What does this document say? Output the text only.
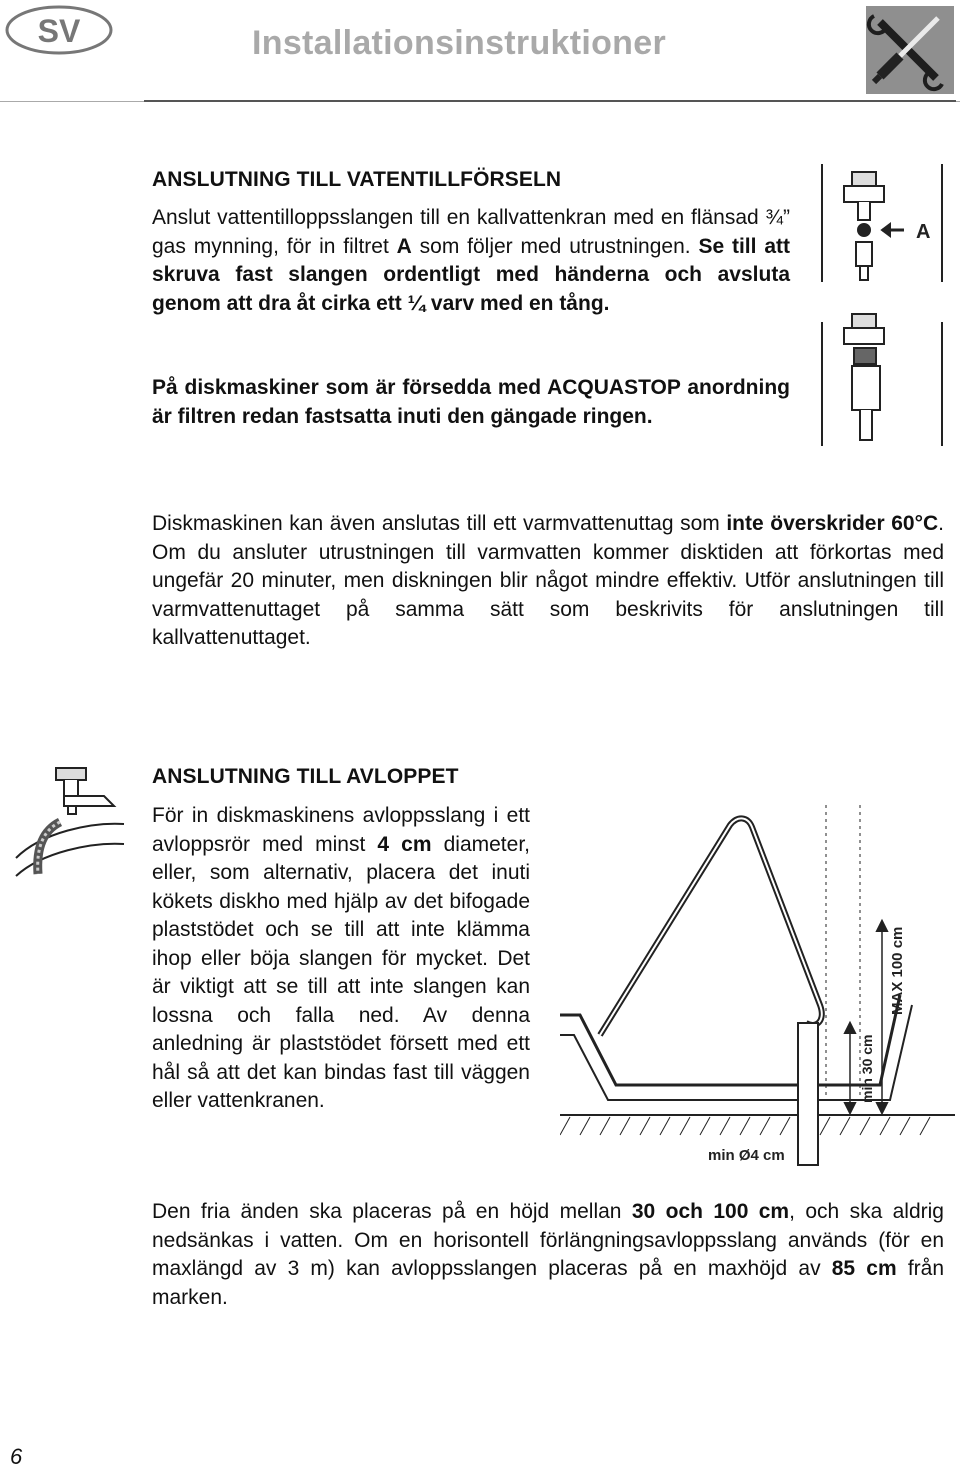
SV	Installationsinstruktioner
ANSLUTNING TILL VATENTILLFÖRSELN

Anslut vattentilloppsslangen till en kallvattenkran med en flänsad ¾” gas mynning, för in filtret A som följer med utrustningen. Se till att skruva fast slangen ordentligt med händerna och avsluta genom att dra åt cirka ett ¼ varv med en tång.

På diskmaskiner som är försedda med ACQUASTOP anordning är filtren redan fastsatta inuti den gängade ringen.

A

Diskmaskinen kan även anslutas till ett varmvattenuttag som inte överskrider 60°C. Om du ansluter utrustningen till varmvatten kommer disktiden att förkortas med ungefär 20 minuter, men diskningen blir något mindre effektiv. Utför anslutningen till varmvattenuttaget på samma sätt som beskrivits för anslutningen till kallvattenuttaget.

ANSLUTNING TILL AVLOPPET

För in diskmaskinens avloppsslang i ett avloppsrör med minst 4 cm diameter, eller, som alternativ, placera det inuti kökets diskho med hjälp av det bifogade plaststödet och se till att inte klämma ihop eller böja slangen för mycket. Det är viktigt att se till att inte slangen kan lossna och falla ned. Av denna anledning är plaststödet försett med ett hål så att det kan bindas fast till väggen eller vattenkranen.

MAX 100 cm
min 30 cm
min Ø4 cm

Den fria änden ska placeras på en höjd mellan 30 och 100 cm, och ska aldrig nedsänkas i vatten. Om en horisontell förlängningsavloppsslang används (för en maxlängd av 3 m) kan avloppsslangen placeras på en maxhöjd av 85 cm från marken.

6
